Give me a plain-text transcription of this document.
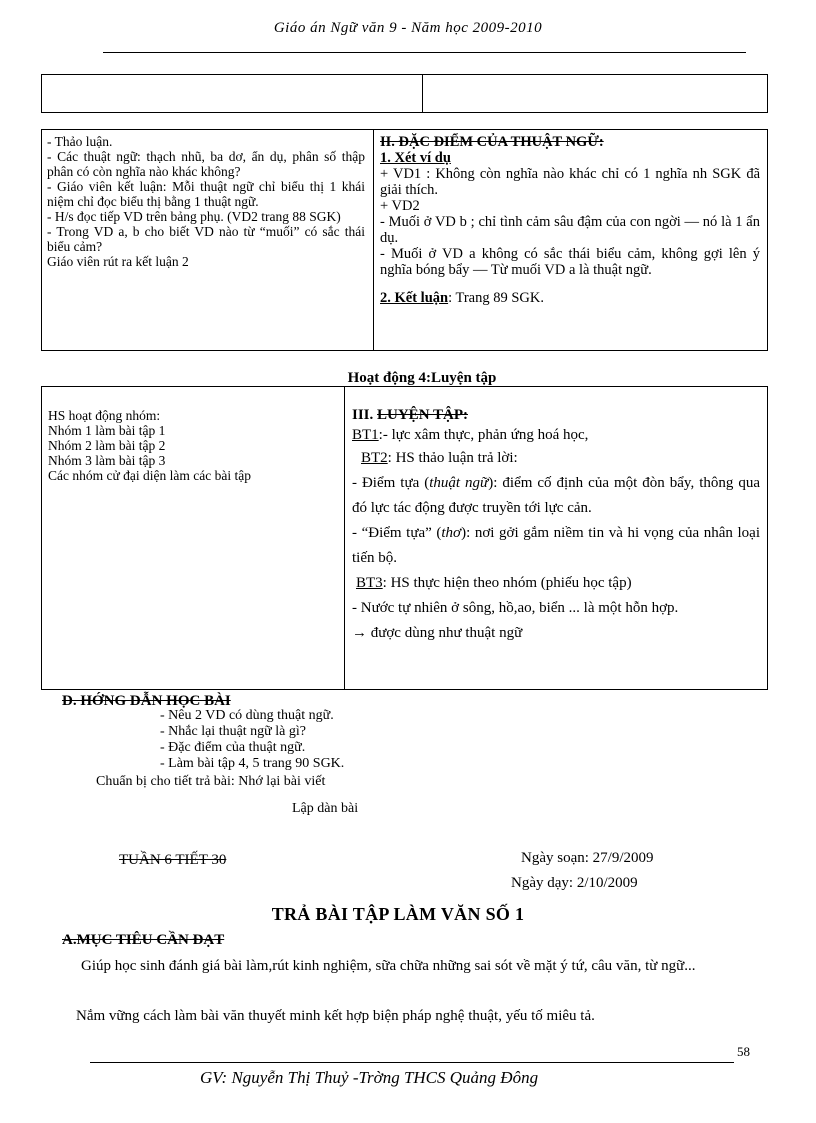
Giáo án Ngữ văn 9 - Năm học 2009-2010
- Thảo luận.
- Các thuật ngữ: thạch nhũ, ba dơ, ẩn dụ, phân số thập phân có còn nghĩa nào khác không?
- Giáo viên kết luận: Mỗi thuật ngữ chỉ biểu thị 1 khái niệm chỉ đọc biểu thị bằng 1 thuật ngữ.
- H/s đọc tiếp VD trên bảng phụ. (VD2 trang 88 SGK)
- Trong VD a, b cho biết VD nào từ “muối” có sắc thái biểu cảm?
Giáo viên rút ra kết luận 2
II. ĐẶC ĐIỂM CỦA THUẬT NGỮ:
1. Xét ví dụ
+ VD1 : Không còn nghĩa nào khác chỉ có 1 nghĩa nh SGK đã giải thích.
+ VD2
- Muối ở VD b ; chỉ tình cảm sâu đậm của con ngời — nó là 1 ẩn dụ.
- Muối ở VD a không có sắc thái biểu cảm, không gợi lên ý nghĩa bóng bẩy — Từ muối VD a là thuật ngữ.
2. Kết luận: Trang 89 SGK.
Hoạt động 4:Luyện tập
HS hoạt động nhóm:
Nhóm 1 làm bài tập 1
Nhóm 2 làm bài tập 2
Nhóm 3 làm bài tập 3
Các nhóm cử đại diện làm các bài tập
III. LUYỆN TẬP:
BT1:- lực xâm thực, phản ứng hoá học,
BT2: HS thảo luận trả lời:
- Điểm tựa (thuật ngữ): điểm cố định của một đòn bẩy, thông qua đó lực tác động được truyền tới lực cản.
- “Điểm tựa” (thơ): nơi gởi gắm niềm tin và hi vọng của nhân loại tiến bộ.
BT3: HS thực hiện theo nhóm (phiếu học tập)
- Nước tự nhiên ở sông, hồ,ao, biển ... là một hỗn hợp.
→ được dùng như thuật ngữ
D. HỚNG DẪN HỌC BÀI
- Nêu 2 VD có dùng thuật ngữ.
- Nhắc lại thuật ngữ là gì?
- Đặc điểm của thuật ngữ.
- Làm bài tập 4, 5 trang 90 SGK.
Chuẩn bị cho tiết trả bài: Nhớ lại bài viết
Lập dàn bài
TUẦN 6 TIẾT 30	Ngày soạn: 27/9/2009
Ngày dạy: 2/10/2009
TRẢ BÀI TẬP LÀM VĂN SỐ 1
A.MỤC TIÊU CẦN ĐẠT
Giúp học sinh đánh giá bài làm,rút kinh nghiệm, sữa chữa những sai sót về mặt ý tứ, câu văn, từ ngữ...
Nắm vững cách làm bài văn thuyết minh kết hợp biện pháp nghệ thuật, yếu tố miêu tả.
58
GV: Nguyễn Thị Thuỷ -Trờng THCS Quảng Đông
